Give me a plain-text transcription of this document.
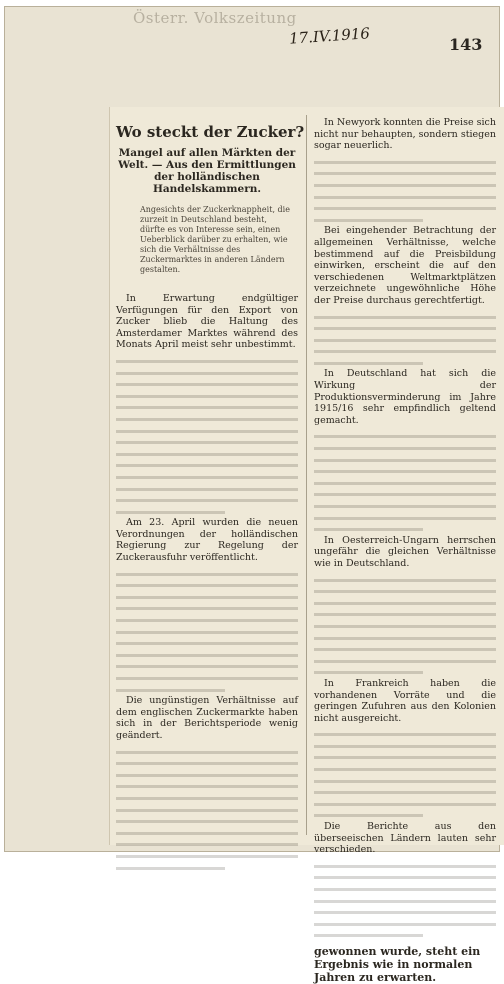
Österr. Volkszeitung
17.IV.1916	143
Wo steckt der Zucker?
Mangel auf allen Märkten der Welt. — Aus den Ermittlungen der holländischen Handelskammern.
Angesichts der Zuckerknappheit, die zurzeit in Deutschland besteht, dürfte es von Interesse sein, einen Ueberblick darüber zu erhalten, wie sich die Verhältnisse des Zuckermarktes in anderen Ländern gestalten.

In Erwartung endgültiger Verfügungen für den Export von Zucker blieb die Haltung des Amsterdamer Marktes während des Monats April meist sehr unbestimmt.

Am 23. April wurden die neuen Verordnungen der holländischen Regierung zur Regelung der Zuckerausfuhr veröffentlicht.

Die ungünstigen Verhältnisse auf dem englischen Zuckermarkte haben sich in der Berichtsperiode wenig geändert.

In Newyork konnten die Preise sich nicht nur behaupten, sondern stiegen sogar neuerlich.

Bei eingehender Betrachtung der allgemeinen Verhältnisse, welche bestimmend auf die Preisbildung einwirken, erscheint die auf den verschiedenen Weltmarktplätzen verzeichnete ungewöhnliche Höhe der Preise durchaus gerechtfertigt.

In Deutschland hat sich die Wirkung der Produktionsverminderung im Jahre 1915/16 sehr empfindlich geltend gemacht.

In Oesterreich-Ungarn herrschen ungefähr die gleichen Verhältnisse wie in Deutschland.

In Frankreich haben die vorhandenen Vorräte und die geringen Zufuhren aus den Kolonien nicht ausgereicht.

Die Berichte aus den überseeischen Ländern lauten sehr verschieden.

gewonnen wurde, steht ein Ergebnis wie in normalen Jahren zu erwarten.
